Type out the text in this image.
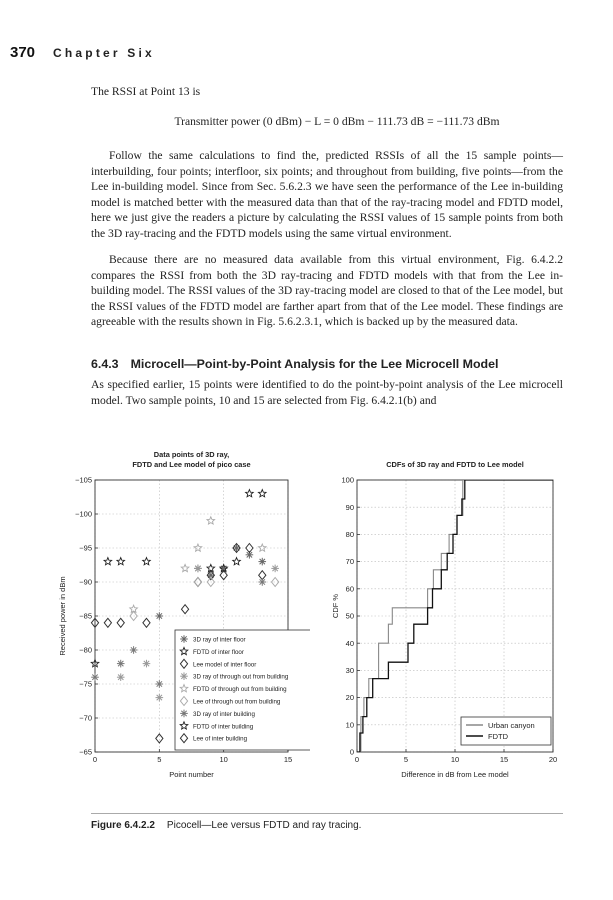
370 Chapter Six

The RSSI at Point 13 is

Transmitter power (0 dBm) − L = 0 dBm − 111.73 dB = −111.73 dBm

Follow the same calculations to find the, predicted RSSIs of all the 15 sample points—interbuilding, four points; interfloor, six points; and throughout from building, five points—from the Lee in-building model. Since from Sec. 5.6.2.3 we have seen the performance of the Lee in-building model is matched better with the measured data than that of the ray-tracing model and FDTD model, here we just give the readers a picture by calculating the RSSI values of 15 sample points from both the 3D ray-tracing and the FDTD models using the same virtual environment.

Because there are no measured data available from this virtual environment, Fig. 6.4.2.2 compares the RSSI from both the 3D ray-tracing and FDTD models with that from the Lee in-building model. The RSSI values of the 3D ray-tracing model are closed to that of the Lee model, but the RSSI values of the FDTD model are farther apart from that of the Lee model. These findings are agreeable with the results shown in Fig. 5.6.2.3.1, which is backed up by the measured data.

6.4.3 Microcell—Point-by-Point Analysis for the Lee Microcell Model

As specified earlier, 15 points were identified to do the point-by-point analysis of the Lee microcell model. Two sample points, 10 and 15 are selected from Fig. 6.4.2.1(b) and

Data points of 3D ray,
FDTD and Lee model of pico case
0	5	10	15
−105
−100
−95
−90
−85
−80
−75
−70
−65
Point number
Received power in dBm	3D ray of inter floor
FDTD of inter floor
Lee model of inter floor
3D ray of through out from building
FDTD of through out from building
Lee of through out from building
3D ray of inter building
FDTD of inter building
Lee of inter building
CDFs of 3D ray and FDTD to Lee model
0	5	10	15	20
0
10
20
30
40
50
60
70
80
90
100
Difference in dB from Lee model
CDF %
Urban canyon
FDTD
Figure 6.4.2.2 Picocell—Lee versus FDTD and ray tracing.
